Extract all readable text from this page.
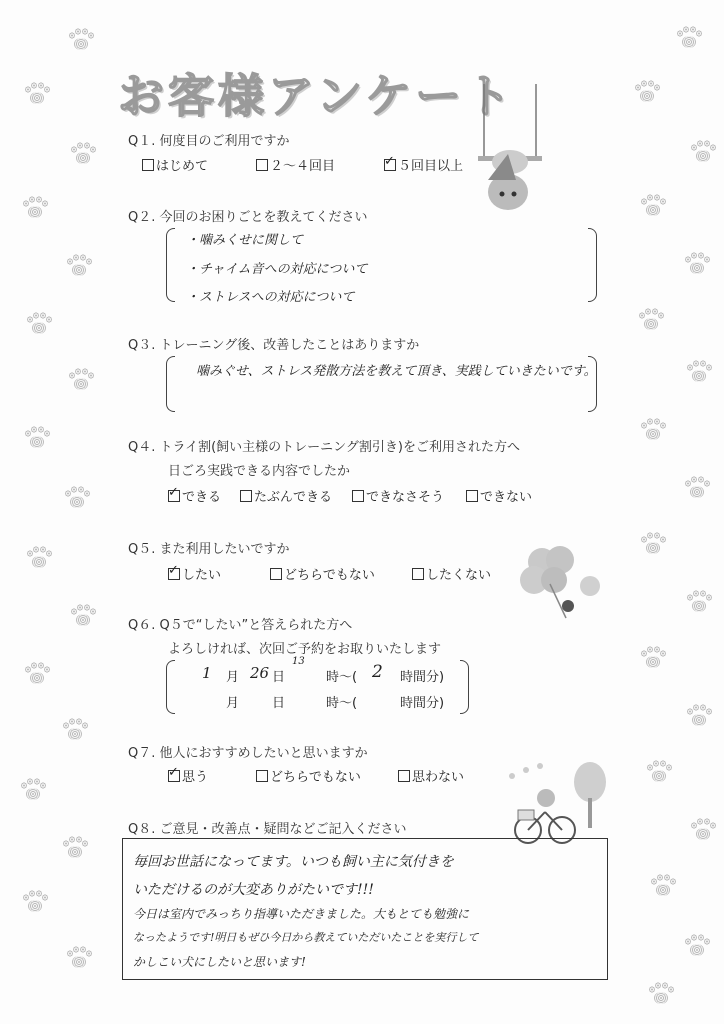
お客様アンケート
Q１. 何度目のご利用ですか
はじめて	２～４回目
✓	５回目以上
Q２. 今回のお困りごとを教えてください
・噛みくせに関して
・チャイム音への対応について
・ストレスへの対応について
Q３. トレーニング後、改善したことはありますか
噛みぐせ、ストレス発散方法を教えて頂き、実践していきたいです。
Q４. トライ割(飼い主様のトレーニング割引き)をご利用された方へ
日ごろ実践できる内容でしたか
✓できる	たぶんできる	できなさそう	できない
Q５. また利用したいですか
✓したい	どちらでもない	したくない
Q６. Q５で“したい”と答えられた方へ
よろしければ、次回ご予約をお取りいたします
1 月 26 日
13
時～( 2 時間分)
月	日	時～(	時間分)
Q７. 他人におすすめしたいと思いますか
✓思う	どちらでもない	思わない
Q８. ご意見・改善点・疑問などご記入ください
毎回お世話になってます。いつも飼い主に気付きを
いただけるのが大変ありがたいです!!!
今日は室内でみっちり指導いただきました。大もとても勉強に
なったようです!明日もぜひ今日から教えていただいたことを実行して
かしこい犬にしたいと思います!
